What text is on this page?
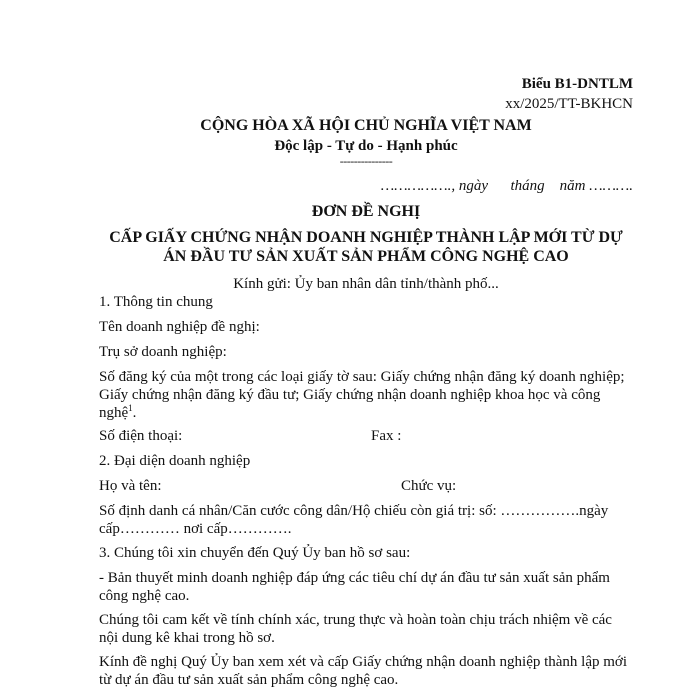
Biểu B1-DNTLM
xx/2025/TT-BKHCN
CỘNG HÒA XÃ HỘI CHỦ NGHĨA VIỆT NAM
Độc lập - Tự do - Hạnh phúc
---------------
……………., ngày      tháng    năm ……….
ĐƠN ĐỀ NGHỊ
CẤP GIẤY CHỨNG NHẬN DOANH NGHIỆP THÀNH LẬP MỚI TỪ DỰ ÁN ĐẦU TƯ SẢN XUẤT SẢN PHẨM CÔNG NGHỆ CAO
Kính gửi: Ủy ban nhân dân tỉnh/thành phố...
1. Thông tin chung
Tên doanh nghiệp đề nghị:
Trụ sở doanh nghiệp:
Số đăng ký của một trong các loại giấy tờ sau: Giấy chứng nhận đăng ký doanh nghiệp; Giấy chứng nhận đăng ký đầu tư; Giấy chứng nhận doanh nghiệp khoa học và công nghệ$^1$.
Số điện thoại:	Fax :
2. Đại diện doanh nghiệp
Họ và tên:	Chức vụ:
Số định danh cá nhân/Căn cước công dân/Hộ chiếu còn giá trị: số: …………….ngày cấp………… nơi cấp………….
3. Chúng tôi xin chuyển đến Quý Ủy ban hồ sơ sau:
- Bản thuyết minh doanh nghiệp đáp ứng các tiêu chí dự án đầu tư sản xuất sản phẩm công nghệ cao.
Chúng tôi cam kết về tính chính xác, trung thực và hoàn toàn chịu trách nhiệm về các nội dung kê khai trong hồ sơ.
Kính đề nghị Quý Ủy ban xem xét và cấp Giấy chứng nhận doanh nghiệp thành lập mới từ dự án đầu tư sản xuất sản phẩm công nghệ cao.
